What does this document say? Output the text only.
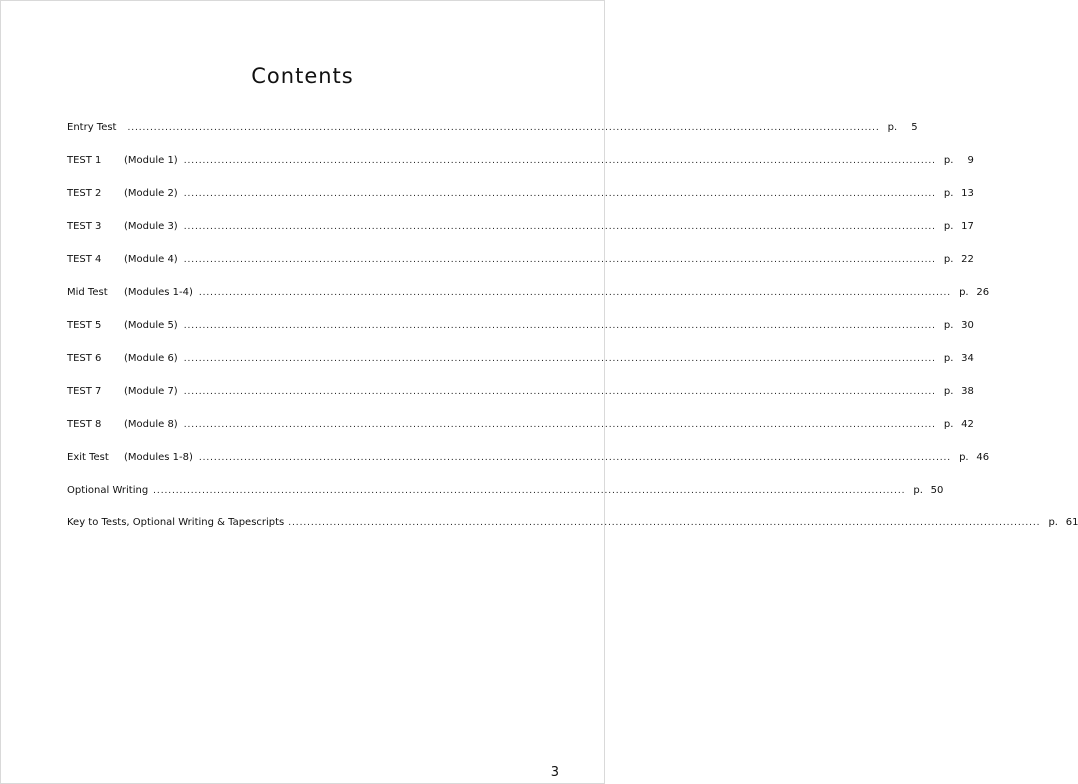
Contents
Entry Test	........................................................................................................................................................................................................ p.	5
TEST 1	(Module 1) ........................................................................................................................................................................................................ p.	9
TEST 2	(Module 2) ........................................................................................................................................................................................................ p. 13
TEST 3	(Module 3) ........................................................................................................................................................................................................ p. 17
TEST 4	(Module 4) ........................................................................................................................................................................................................ p. 22
Mid Test	(Modules 1-4) ........................................................................................................................................................................................................ p. 26
TEST 5	(Module 5) ........................................................................................................................................................................................................ p. 30
TEST 6	(Module 6) ........................................................................................................................................................................................................ p. 34
TEST 7	(Module 7) ........................................................................................................................................................................................................ p. 38
TEST 8	(Module 8) ........................................................................................................................................................................................................ p. 42
Exit Test	(Modules 1-8) ........................................................................................................................................................................................................ p. 46
Optional Writing ........................................................................................................................................................................................................ p. 50
Key to Tests, Optional Writing & Tapescripts ........................................................................................................................................................................................................ p. 61
3
